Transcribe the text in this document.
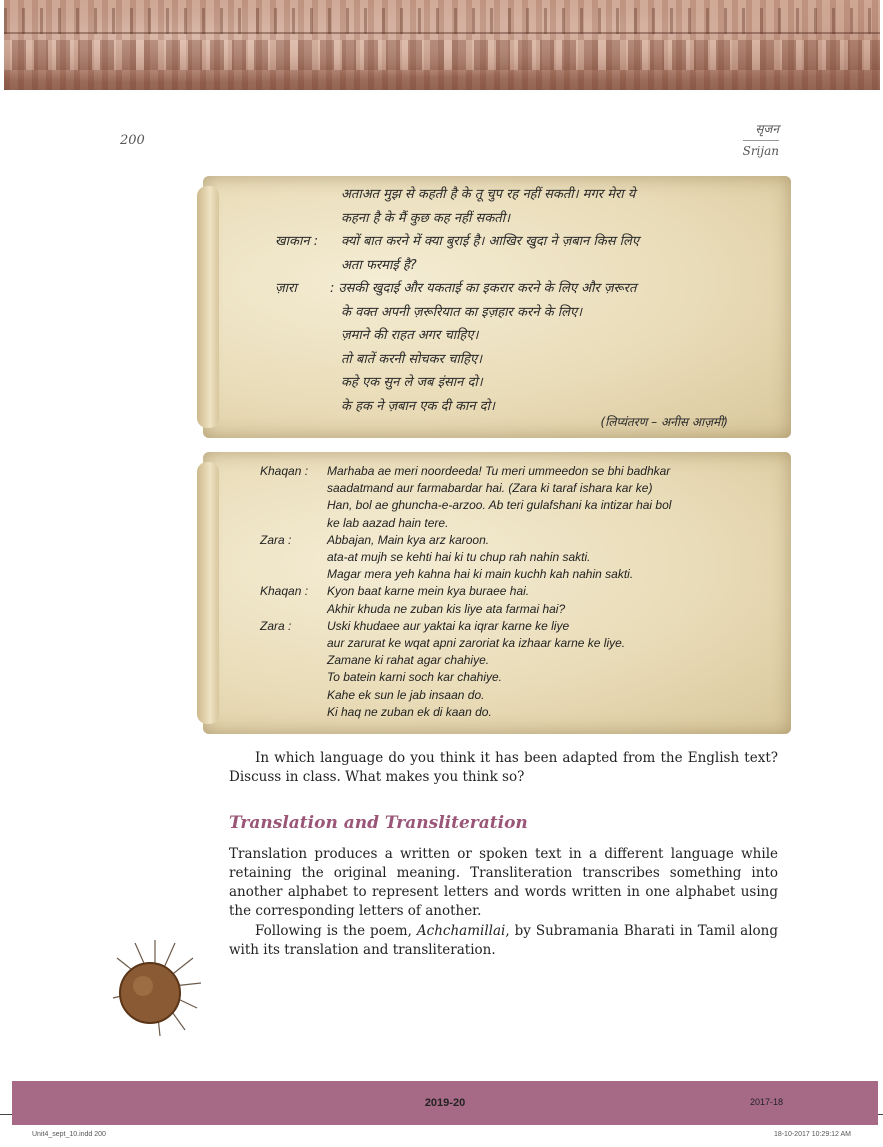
200
सृजन
Srijan
अताअत मुझ से कहती है के तू चुप रह नहीं सकती। मगर मेरा ये
कहना है के मैं कुछ कह नहीं सकती।
खाकान : क्यों बात करने में क्या बुराई है। आखिर खुदा ने ज़बान किस लिए
अता फरमाई है?
ज़ारा	: उसकी खुदाई और यकताई का इकरार करने के लिए और ज़रूरत
के वक्त अपनी ज़रूरियात का इज़हार करने के लिए।
ज़माने की राहत अगर चाहिए।
तो बातें करनी सोचकर चाहिए।
कहे एक सुन ले जब इंसान दो।
के हक ने ज़बान एक दी कान दो।
(लिप्यंतरण – अनीस आज़मी)
Khaqan : Marhaba ae meri noordeeda! Tu meri ummeedon se bhi badhkar
saadatmand aur farmabardar hai. (Zara ki taraf ishara kar ke)
Han, bol ae ghuncha-e-arzoo. Ab teri gulafshani ka intizar hai bol
ke lab aazad hain tere.
Zara :	Abbajan, Main kya arz karoon.
ata-at mujh se kehti hai ki tu chup rah nahin sakti.
Magar mera yeh kahna hai ki main kuchh kah nahin sakti.
Khaqan : Kyon baat karne mein kya buraee hai.
Akhir khuda ne zuban kis liye ata farmai hai?
Zara :	Uski khudaee aur yaktai ka iqrar karne ke liye
aur zarurat ke wqat apni zaroriat ka izhaar karne ke liye.
Zamane ki rahat agar chahiye.
To batein karni soch kar chahiye.
Kahe ek sun le jab insaan do.
Ki haq ne zuban ek di kaan do.
In which language do you think it has been adapted from the English text? Discuss in class. What makes you think so?
Translation and Transliteration
Translation produces a written or spoken text in a different language while retaining the original meaning. Transliteration transcribes something into another alphabet to represent letters and words written in one alphabet using the corresponding letters of another.
Following is the poem, Achchamillai, by Subramania Bharati in Tamil along with its translation and transliteration.
2019-20	2017-18
Unit4_sept_10.indd 200	18-10-2017 10:29:12 AM
